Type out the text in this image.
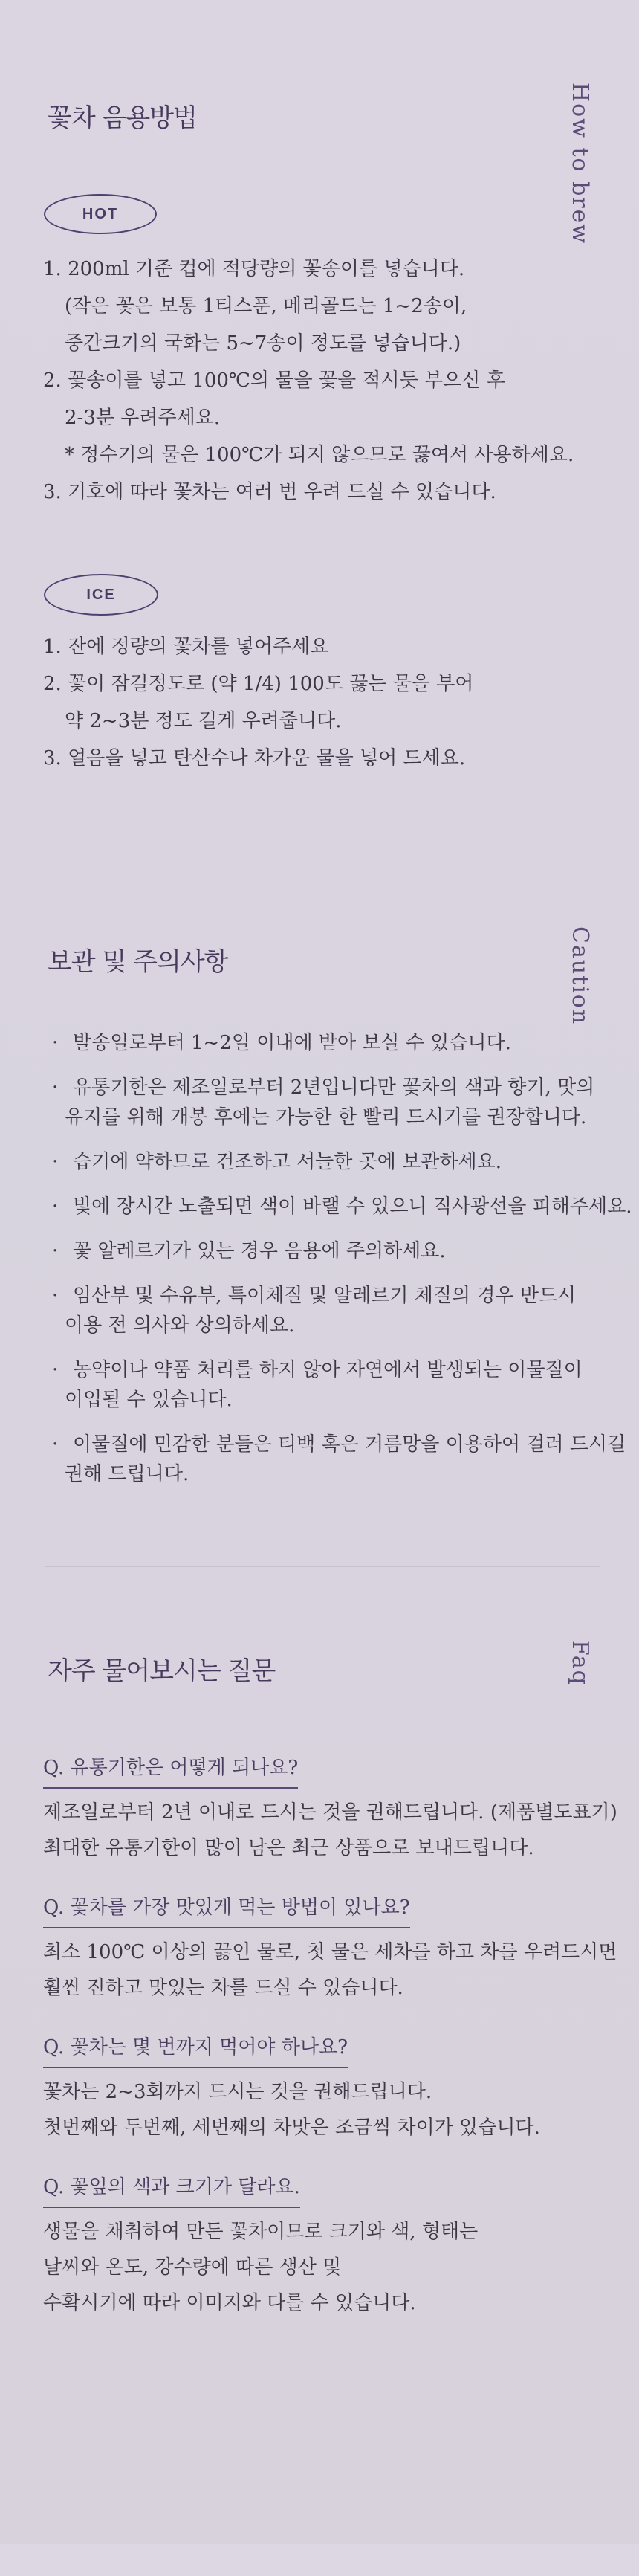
꽃차 음용방법	How to brew
HOT
1. 200ml 기준 컵에 적당량의 꽃송이를 넣습니다.
(작은 꽃은 보통 1티스푼, 메리골드는 1~2송이,
중간크기의 국화는 5~7송이 정도를 넣습니다.)
2. 꽃송이를 넣고 100℃의 물을 꽃을 적시듯 부으신 후
2-3분 우려주세요.
* 정수기의 물은 100℃가 되지 않으므로 끓여서 사용하세요.
3. 기호에 따라 꽃차는 여러 번 우려 드실 수 있습니다.
ICE
1. 잔에 정량의 꽃차를 넣어주세요
2. 꽃이 잠길정도로 (약 1/4) 100도 끓는 물을 부어
약 2~3분 정도 길게 우려줍니다.
3. 얼음을 넣고 탄산수나 차가운 물을 넣어 드세요.
보관 및 주의사항	Caution
· 발송일로부터 1~2일 이내에 받아 보실 수 있습니다.
· 유통기한은 제조일로부터 2년입니다만 꽃차의 색과 향기, 맛의
유지를 위해 개봉 후에는 가능한 한 빨리 드시기를 권장합니다.
· 습기에 약하므로 건조하고 서늘한 곳에 보관하세요.
· 빛에 장시간 노출되면 색이 바랠 수 있으니 직사광선을 피해주세요.
· 꽃 알레르기가 있는 경우 음용에 주의하세요.
· 임산부 및 수유부, 특이체질 및 알레르기 체질의 경우 반드시
이용 전 의사와 상의하세요.
· 농약이나 약품 처리를 하지 않아 자연에서 발생되는 이물질이
이입될 수 있습니다.
· 이물질에 민감한 분들은 티백 혹은 거름망을 이용하여 걸러 드시길
권해 드립니다.
자주 물어보시는 질문	Faq
Q. 유통기한은 어떻게 되나요?
제조일로부터 2년 이내로 드시는 것을 권해드립니다. (제품별도표기)
최대한 유통기한이 많이 남은 최근 상품으로 보내드립니다.
Q. 꽃차를 가장 맛있게 먹는 방법이 있나요?
최소 100℃ 이상의 끓인 물로, 첫 물은 세차를 하고 차를 우려드시면
훨씬 진하고 맛있는 차를 드실 수 있습니다.
Q. 꽃차는 몇 번까지 먹어야 하나요?
꽃차는 2~3회까지 드시는 것을 권해드립니다.
첫번째와 두번째, 세번째의 차맛은 조금씩 차이가 있습니다.
Q. 꽃잎의 색과 크기가 달라요.
생물을 채취하여 만든 꽃차이므로 크기와 색, 형태는
날씨와 온도, 강수량에 따른 생산 및
수확시기에 따라 이미지와 다를 수 있습니다.
